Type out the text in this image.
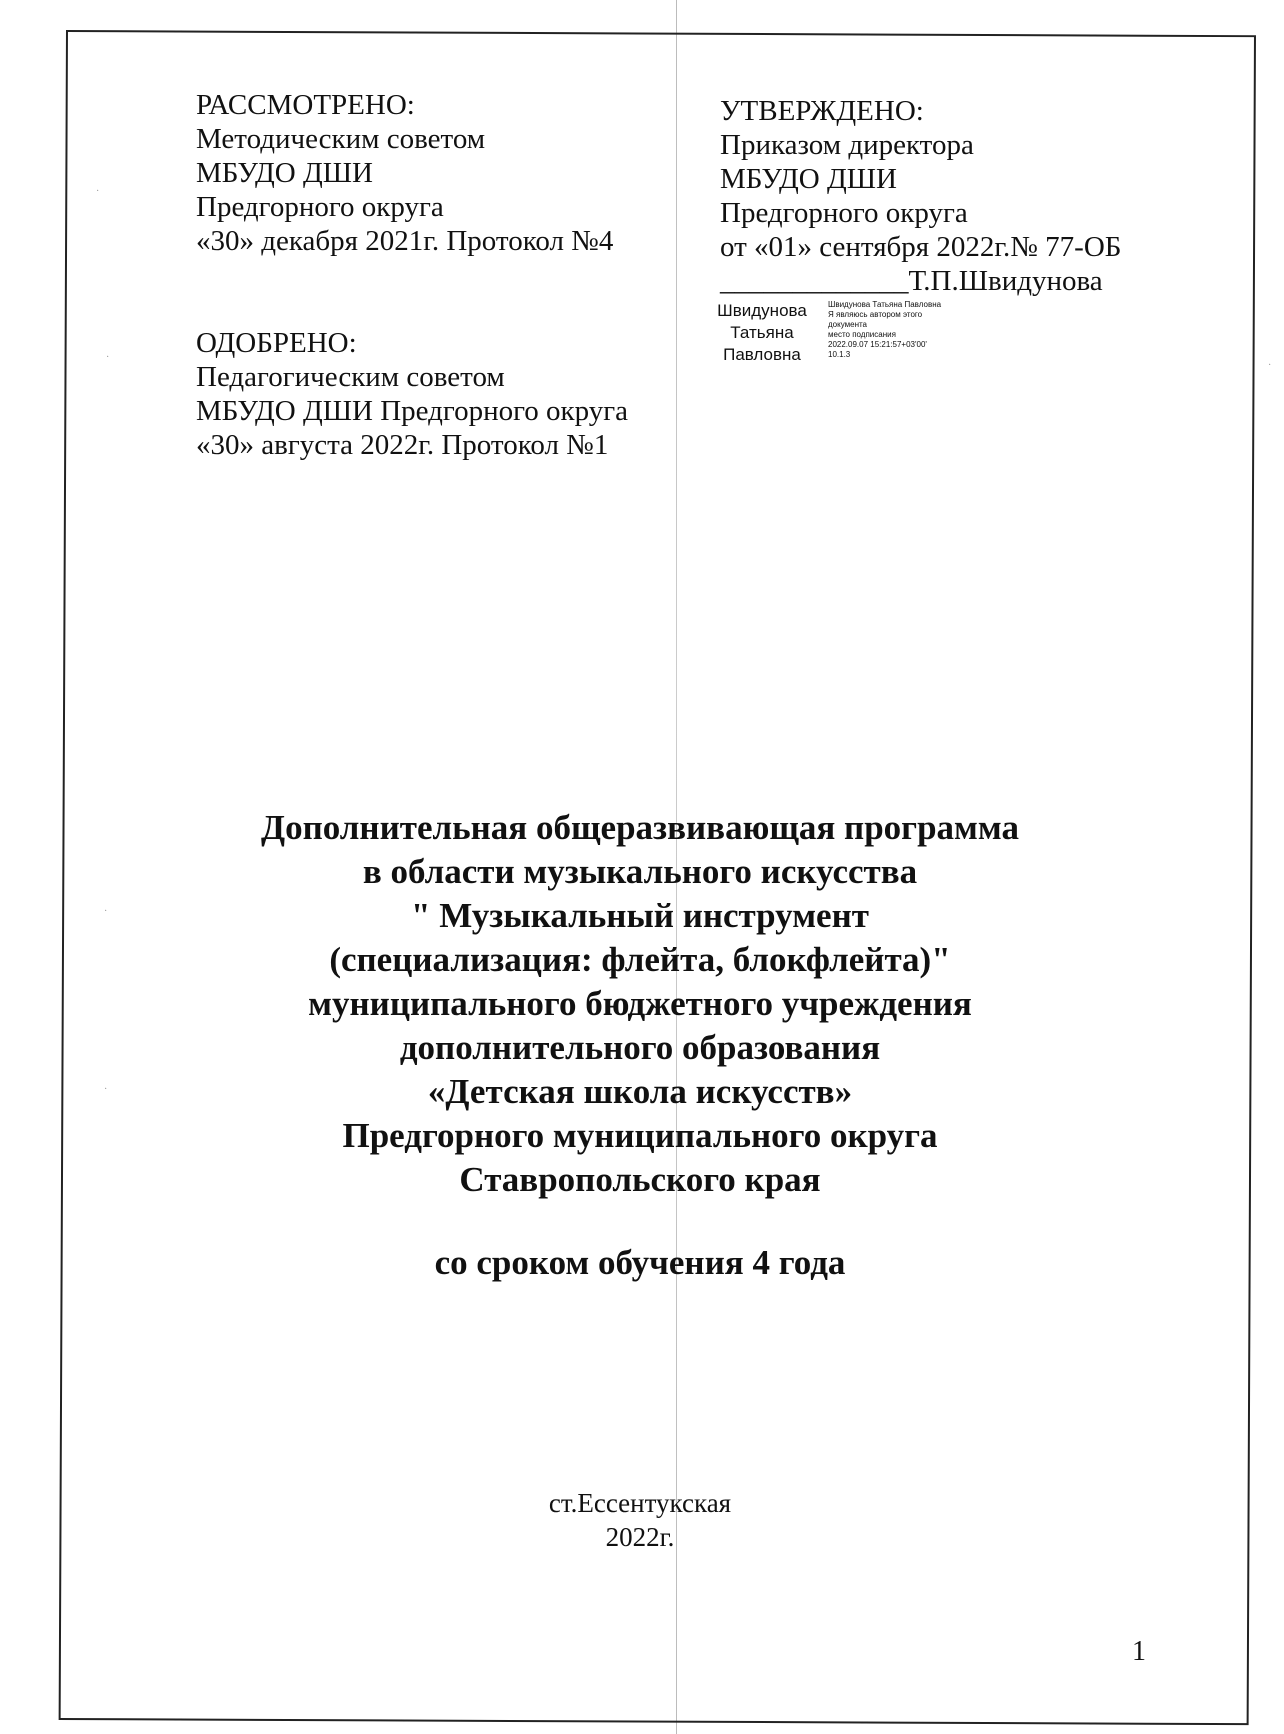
·
·
·
·
·
РАССМОТРЕНО:
Методическим советом
МБУДО ДШИ
Предгорного округа
«30» декабря 2021г. Протокол №4
ОДОБРЕНО:
Педагогическим советом
МБУДО ДШИ Предгорного округа
«30» августа 2022г. Протокол №1
УТВЕРЖДЕНО:
Приказом директора
МБУДО ДШИ
Предгорного округа
от «01» сентября 2022г.№ 77-ОБ
_____________Т.П.Швидунова
Швидунова
Татьяна
Павловна
Швидунова Татьяна Павловна
Я являюсь автором этого
документа
место подписания
2022.09.07 15:21:57+03'00'
10.1.3
Дополнительная общеразвивающая программа
в области музыкального искусства
" Музыкальный инструмент
(специализация: флейта, блокфлейта)"
муниципального бюджетного учреждения
дополнительного образования
«Детская школа искусств»
Предгорного муниципального округа
Ставропольского края
со сроком обучения 4 года
ст.Ессентукская
2022г.
1
